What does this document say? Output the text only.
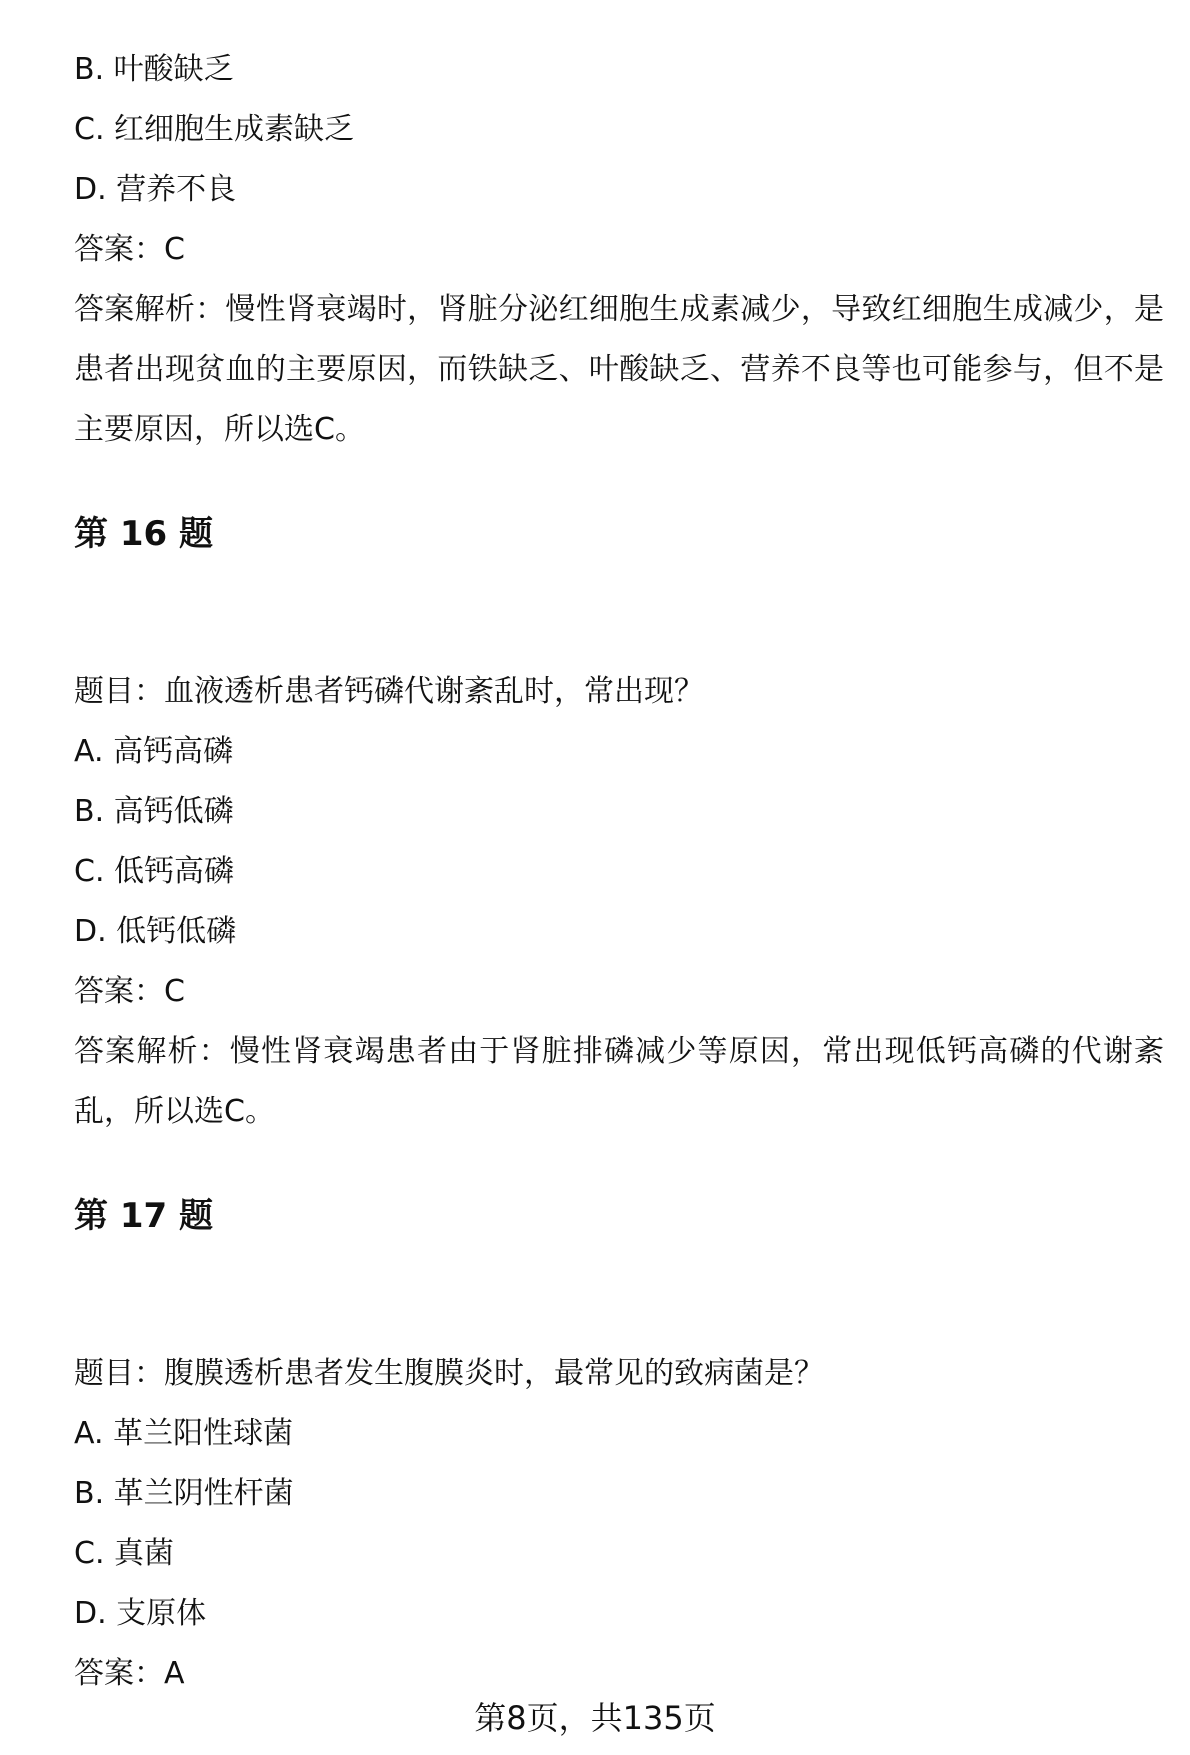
B. 叶酸缺乏
C. 红细胞生成素缺乏
D. 营养不良
答案：C
答案解析：慢性肾衰竭时，肾脏分泌红细胞生成素减少，导致红细胞生成减少，是患者出现贫血的主要原因，而铁缺乏、叶酸缺乏、营养不良等也可能参与，但不是主要原因，所以选C。
第 16 题
题目：血液透析患者钙磷代谢紊乱时，常出现？
A. 高钙高磷
B. 高钙低磷
C. 低钙高磷
D. 低钙低磷
答案：C
答案解析：慢性肾衰竭患者由于肾脏排磷减少等原因，常出现低钙高磷的代谢紊乱，所以选C。
第 17 题
题目：腹膜透析患者发生腹膜炎时，最常见的致病菌是？
A. 革兰阳性球菌
B. 革兰阴性杆菌
C. 真菌
D. 支原体
答案：A
第8页，共135页
